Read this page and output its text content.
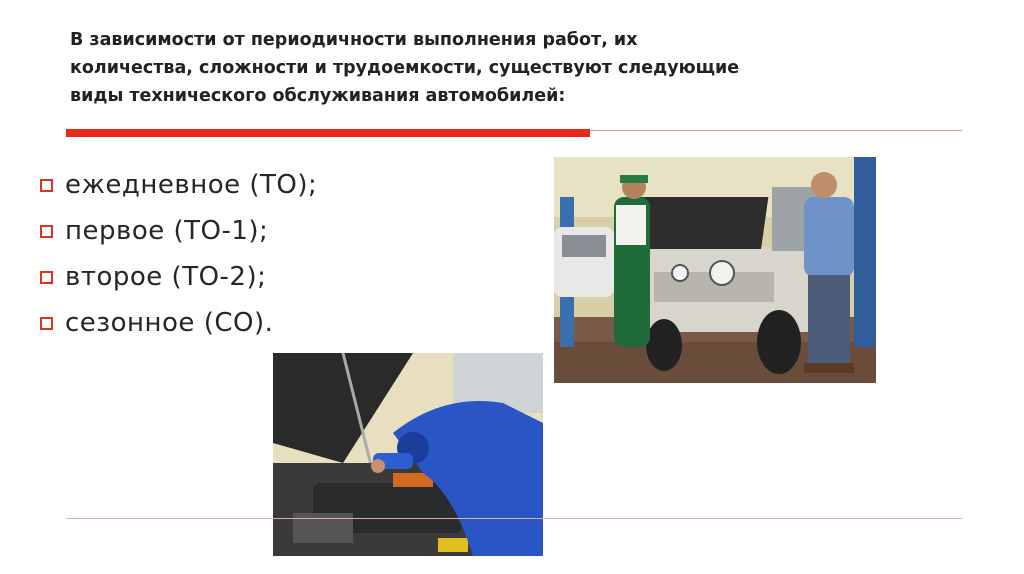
В зависимости от периодичности выполнения работ, их
количества, сложности и трудоемкости, существуют следующие
виды технического обслуживания автомобилей:
ежедневное (ТО);
первое (ТО-1);
второе (ТО-2);
сезонное (СО).
